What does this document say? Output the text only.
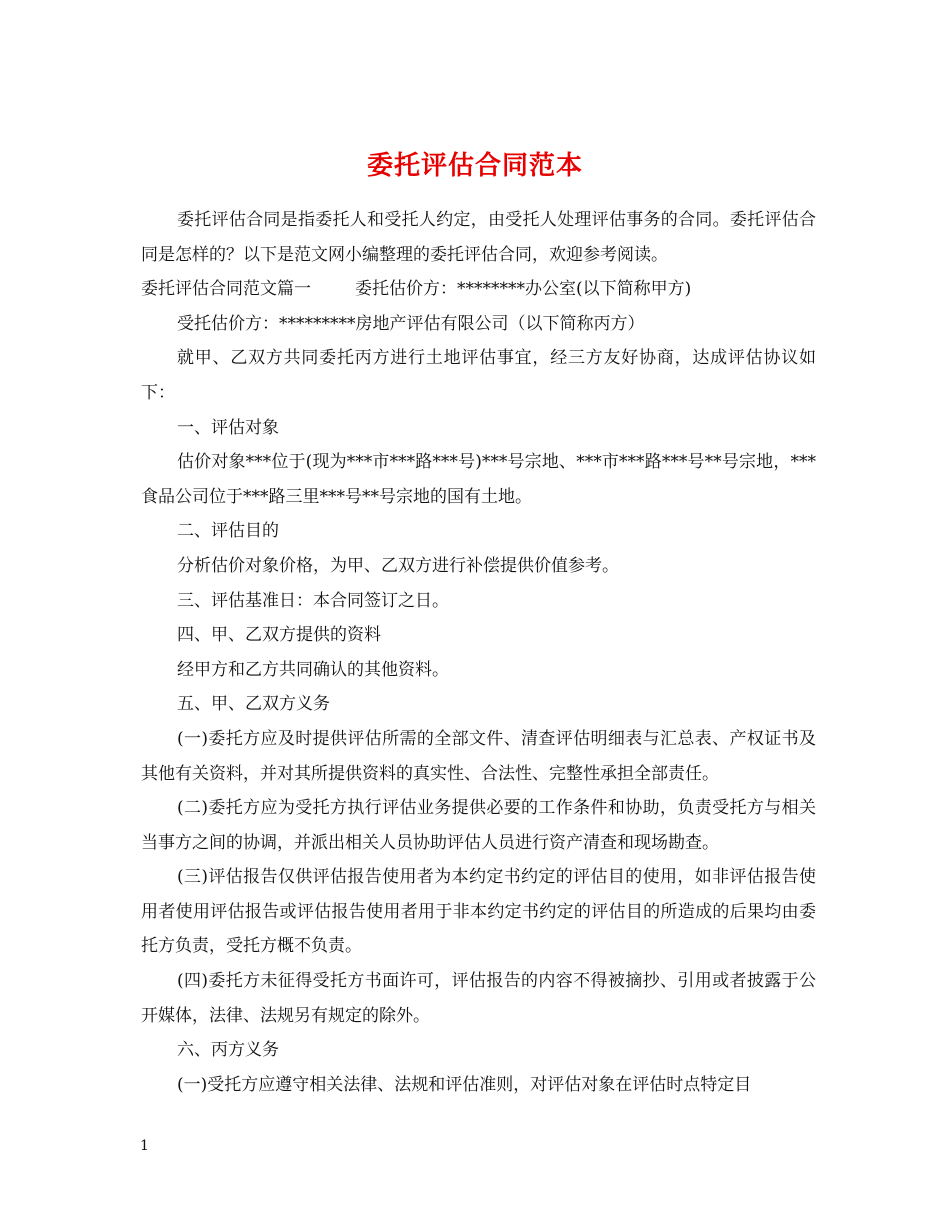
委托评估合同范本

委托评估合同是指委托人和受托人约定，由受托人处理评估事务的合同。委托评估合同是怎样的？以下是范文网小编整理的委托评估合同，欢迎参考阅读。

委托评估合同范文篇一	委托估价方：********办公室(以下简称甲方)

受托估价方：*********房地产评估有限公司（以下简称丙方）

就甲、乙双方共同委托丙方进行土地评估事宜，经三方友好协商，达成评估协议如下：

一、评估对象

估价对象***位于(现为***市***路***号)***号宗地、***市***路***号**号宗地，***食品公司位于***路三里***号**号宗地的国有土地。

二、评估目的

分析估价对象价格，为甲、乙双方进行补偿提供价值参考。

三、评估基准日：本合同签订之日。

四、甲、乙双方提供的资料

经甲方和乙方共同确认的其他资料。

五、甲、乙双方义务

(一)委托方应及时提供评估所需的全部文件、清查评估明细表与汇总表、产权证书及其他有关资料，并对其所提供资料的真实性、合法性、完整性承担全部责任。

(二)委托方应为受托方执行评估业务提供必要的工作条件和协助，负责受托方与相关当事方之间的协调，并派出相关人员协助评估人员进行资产清查和现场勘查。

(三)评估报告仅供评估报告使用者为本约定书约定的评估目的使用，如非评估报告使用者使用评估报告或评估报告使用者用于非本约定书约定的评估目的所造成的后果均由委托方负责，受托方概不负责。

(四)委托方未征得受托方书面许可，评估报告的内容不得被摘抄、引用或者披露于公开媒体，法律、法规另有规定的除外。

六、丙方义务

(一)受托方应遵守相关法律、法规和评估准则，对评估对象在评估时点特定目

1
